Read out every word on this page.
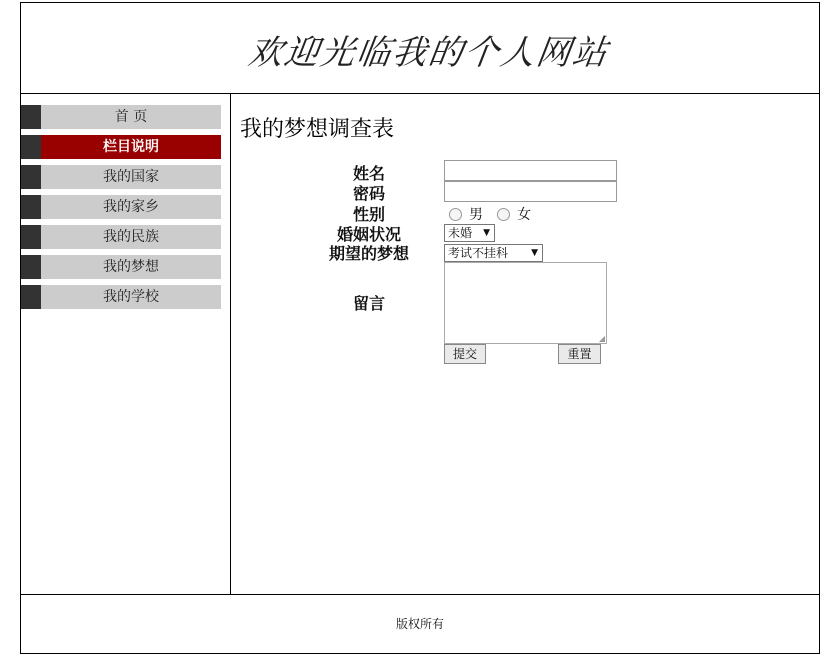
欢迎光临我的个人网站
首 页
栏目说明
我的国家
我的家乡
我的民族
我的梦想
我的学校
我的梦想调查表
姓名
密码
性别	男 女
婚姻状况	未婚 ▼
期望的梦想	考试不挂科	▼
留言
◢
提交	重置
版权所有
